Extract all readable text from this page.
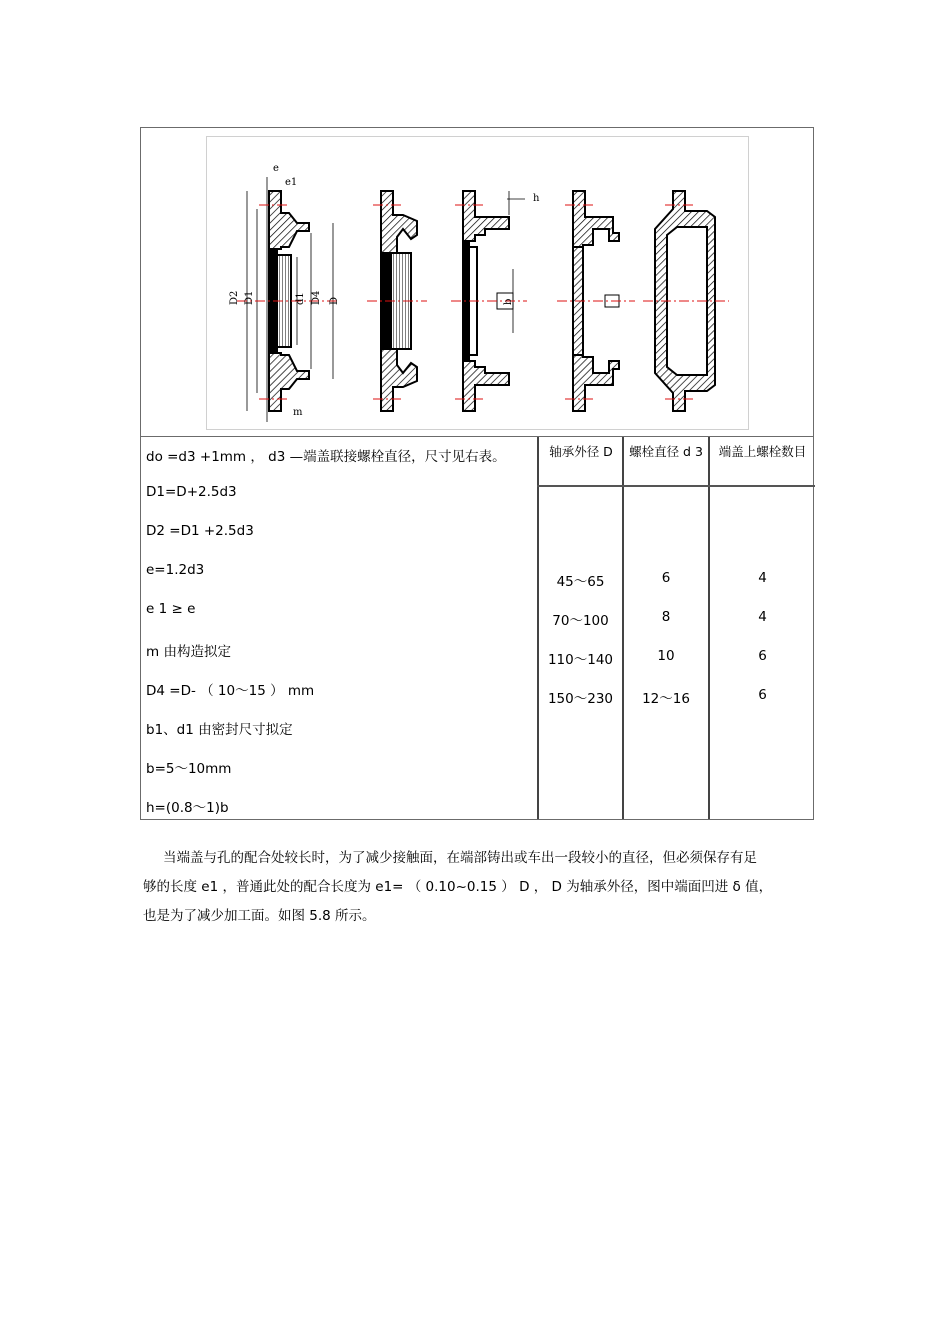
e
e1
D2 D1	d1 D4 D
m
h
b
do =d3 +1mm ， d3 —端盖联接螺栓直径，尺寸见右表。
D1=D+2.5d3
D2 =D1 +2.5d3
e=1.2d3
e 1 ≥ e
m 由构造拟定
D4 =D- （ 10～15 ） mm
b1、d1 由密封尺寸拟定
b=5～10mm
h=(0.8～1)b
轴承外径 D	螺栓直径 d 3	端盖上螺栓数目
45～65	6	4
70～100	8	4
110～140	10	6
150～230	12～16	6
当端盖与孔的配合处较长时，为了减少接触面，在端部铸出或车出一段较小的直径，但必须保存有足
够的长度 e1 ，普通此处的配合长度为 e1= （ 0.10~0.15 ） D ， D 为轴承外径，图中端面凹进 δ 值，
也是为了减少加工面。如图 5.8 所示。
